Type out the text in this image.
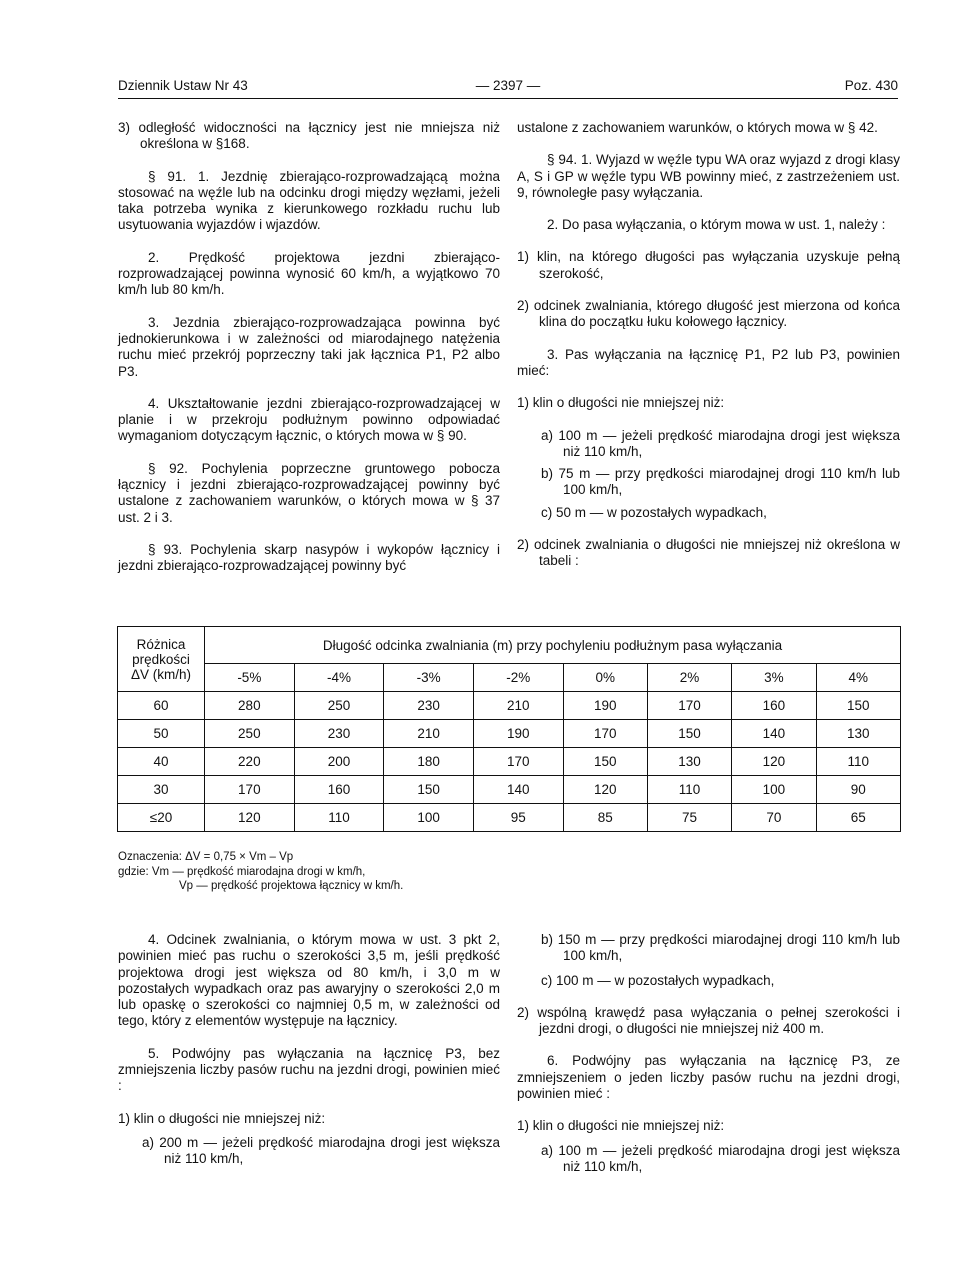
Dziennik Ustaw Nr 43	— 2397 —	Poz. 430

3) odległość widoczności na łącznicy jest nie mniejsza niż określona w §168.

§ 91. 1. Jezdnię zbierająco-rozprowadzającą można stosować na węźle lub na odcinku drogi między węzłami, jeżeli taka potrzeba wynika z kierunkowego rozkładu ruchu lub usytuowania wyjazdów i wjazdów.

2. Prędkość projektowa jezdni zbierająco-rozprowadzającej powinna wynosić 60 km/h, a wyjątkowo 70 km/h lub 80 km/h.

3. Jezdnia zbierająco-rozprowadzająca powinna być jednokierunkowa i w zależności od miarodajnego natężenia ruchu mieć przekrój poprzeczny taki jak łącznica P1, P2 albo P3.

4. Ukształtowanie jezdni zbierająco-rozprowadzającej w planie i w przekroju podłużnym powinno odpowiadać wymaganiom dotyczącym łącznic, o których mowa w § 90.

§ 92. Pochylenia poprzeczne gruntowego pobocza łącznicy i jezdni zbierająco-rozprowadzającej powinny być ustalone z zachowaniem warunków, o których mowa w § 37 ust. 2 i 3.

§ 93. Pochylenia skarp nasypów i wykopów łącznicy i jezdni zbierająco-rozprowadzającej powinny być

ustalone z zachowaniem warunków, o których mowa w § 42.

§ 94. 1. Wyjazd w węźle typu WA oraz wyjazd z drogi klasy A, S i GP w węźle typu WB powinny mieć, z zastrzeżeniem ust. 9, równoległe pasy wyłączania.

2. Do pasa wyłączania, o którym mowa w ust. 1, należy :

1) klin, na którego długości pas wyłączania uzyskuje pełną szerokość,

2) odcinek zwalniania, którego długość jest mierzona od końca klina do początku łuku kołowego łącznicy.

3. Pas wyłączania na łącznicę P1, P2 lub P3, powinien mieć:

1) klin o długości nie mniejszej niż:

a) 100 m — jeżeli prędkość miarodajna drogi jest większa niż 110 km/h,

b) 75 m — przy prędkości miarodajnej drogi 110 km/h lub 100 km/h,

c) 50 m — w pozostałych wypadkach,

2) odcinek zwalniania o długości nie mniejszej niż określona w tabeli :

Różnica
prędkości
ΔV (km/h)	Długość odcinka zwalniania (m) przy pochyleniu podłużnym pasa wyłączania							
	-5%	-4%	-3%	-2%	0%	2%	3%	4%
60	280	250	230	210	190	170	160	150
50	250	230	210	190	170	150	140	130
40	220	200	180	170	150	130	120	110
30	170	160	150	140	120	110	100	90
≤20	120	110	100	95	85	75	70	65
Oznaczenia: ΔV = 0,75 × Vm – Vp
gdzie: Vm — prędkość miarodajna drogi w km/h,
Vp — prędkość projektowa łącznicy w km/h.

4. Odcinek zwalniania, o którym mowa w ust. 3 pkt 2, powinien mieć pas ruchu o szerokości 3,5 m, jeśli prędkość projektowa drogi jest większa od 80 km/h, i 3,0 m w pozostałych wypadkach oraz pas awaryjny o szerokości 2,0 m lub opaskę o szerokości co najmniej 0,5 m, w zależności od tego, który z elementów występuje na łącznicy.

5. Podwójny pas wyłączania na łącznicę P3, bez zmniejszenia liczby pasów ruchu na jezdni drogi, powinien mieć :

1) klin o długości nie mniejszej niż:

a) 200 m — jeżeli prędkość miarodajna drogi jest większa niż 110 km/h,

b) 150 m — przy prędkości miarodajnej drogi 110 km/h lub 100 km/h,

c) 100 m — w pozostałych wypadkach,

2) wspólną krawędź pasa wyłączania o pełnej szerokości i jezdni drogi, o długości nie mniejszej niż 400 m.

6. Podwójny pas wyłączania na łącznicę P3, ze zmniejszeniem o jeden liczby pasów ruchu na jezdni drogi, powinien mieć :

1) klin o długości nie mniejszej niż:

a) 100 m — jeżeli prędkość miarodajna drogi jest większa niż 110 km/h,
